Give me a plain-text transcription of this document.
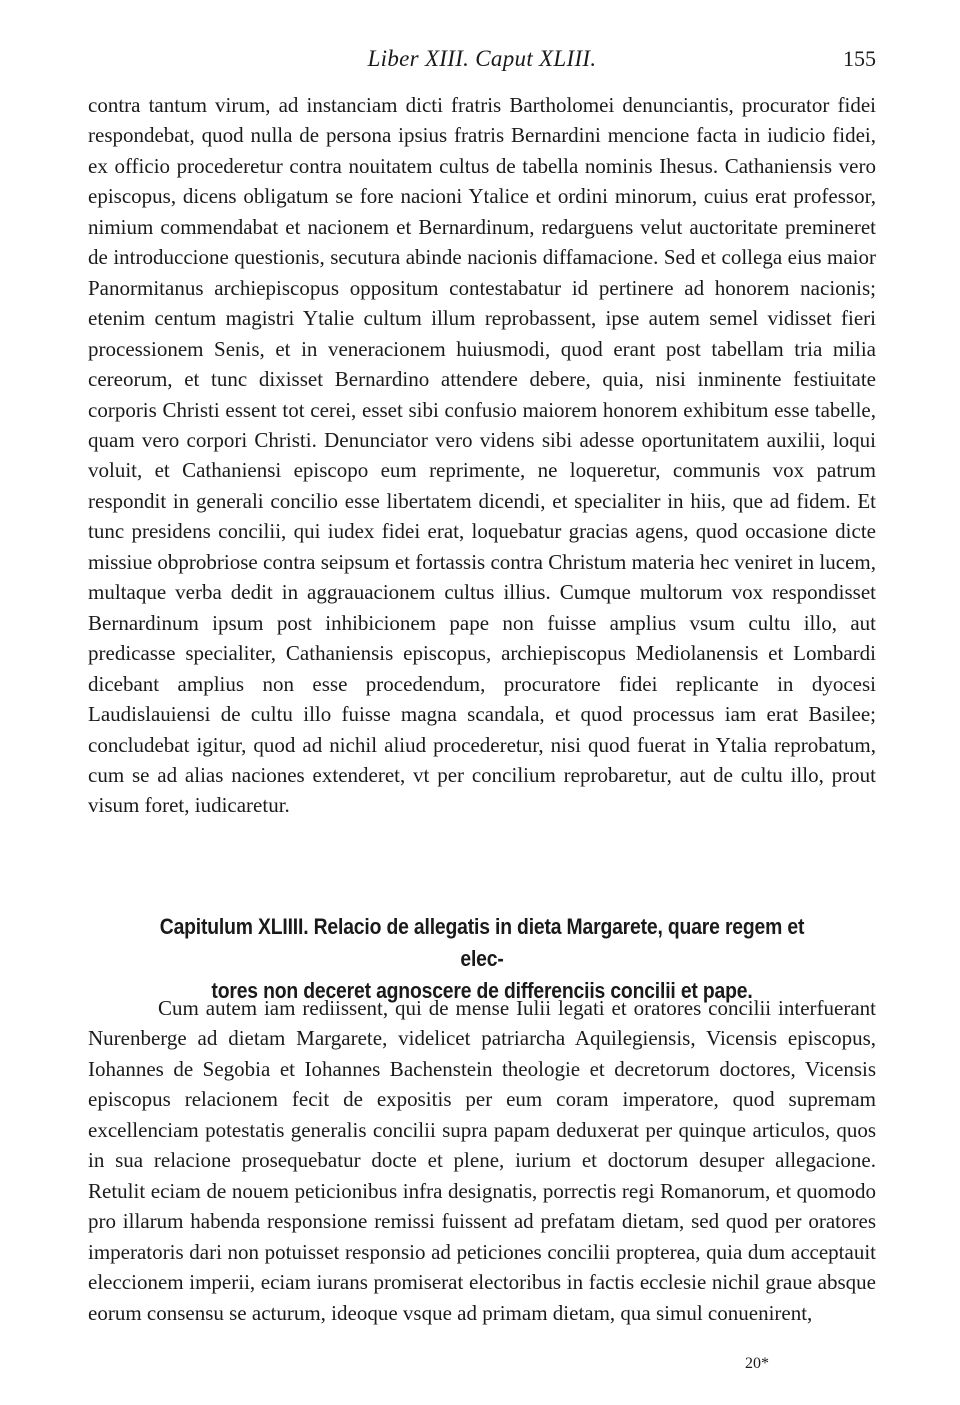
Liber XIII. Caput XLIII.	155

contra tantum virum, ad instanciam dicti fratris Bartholomei denunciantis, procurator fidei respondebat, quod nulla de persona ipsius fratris Bernardini mencione facta in iudicio fidei, ex officio procederetur contra nouitatem cultus de tabella nominis Ihesus. Cathaniensis vero episcopus, dicens obligatum se fore nacioni Ytalice et ordini minorum, cuius erat professor, nimium commendabat et nacionem et Bernardinum, redarguens velut auctoritate premineret de introduccione questionis, secutura abinde nacionis diffamacione. Sed et collega eius maior Panormitanus archiepiscopus oppositum contestabatur id pertinere ad honorem nacionis; etenim centum magistri Ytalie cultum illum reprobassent, ipse autem semel vidisset fieri processionem Senis, et in veneracionem huiusmodi, quod erant post tabellam tria milia cereorum, et tunc dixisset Bernardino attendere debere, quia, nisi inminente festiuitate corporis Christi essent tot cerei, esset sibi confusio maiorem honorem exhibitum esse tabelle, quam vero corpori Christi. Denunciator vero videns sibi adesse oportunitatem auxilii, loqui voluit, et Cathaniensi episcopo eum reprimente, ne loqueretur, communis vox patrum respondit in generali concilio esse libertatem dicendi, et specialiter in hiis, que ad fidem. Et tunc presidens concilii, qui iudex fidei erat, loquebatur gracias agens, quod occasione dicte missiue obprobriose contra seipsum et fortassis contra Christum materia hec veniret in lucem, multaque verba dedit in aggrauacionem cultus illius. Cumque multorum vox respondisset Bernardinum ipsum post inhibicionem pape non fuisse amplius vsum cultu illo, aut predicasse specialiter, Cathaniensis episcopus, archiepiscopus Mediolanensis et Lombardi dicebant amplius non esse procedendum, procuratore fidei replicante in dyocesi Laudislauiensi de cultu illo fuisse magna scandala, et quod processus iam erat Basilee; concludebat igitur, quod ad nichil aliud procederetur, nisi quod fuerat in Ytalia reprobatum, cum se ad alias naciones extenderet, vt per concilium reprobaretur, aut de cultu illo, prout visum foret, iudicaretur.

Capitulum XLIIII. Relacio de allegatis in dieta Margarete, quare regem et elec-
tores non deceret agnoscere de differenciis concilii et pape.

Cum autem iam rediissent, qui de mense Iulii legati et oratores concilii interfuerant Nurenberge ad dietam Margarete, videlicet patriarcha Aquilegiensis, Vicensis episcopus, Iohannes de Segobia et Iohannes Bachenstein theologie et decretorum doctores, Vicensis episcopus relacionem fecit de expositis per eum coram imperatore, quod supremam excellenciam potestatis generalis concilii supra papam deduxerat per quinque articulos, quos in sua relacione prosequebatur docte et plene, iurium et doctorum desuper allegacione. Retulit eciam de nouem peticionibus infra designatis, porrectis regi Romanorum, et quomodo pro illarum habenda responsione remissi fuissent ad prefatam dietam, sed quod per oratores imperatoris dari non potuisset responsio ad peticiones concilii propterea, quia dum acceptauit eleccionem imperii, eciam iurans promiserat electoribus in factis ecclesie nichil graue absque eorum consensu se acturum, ideoque vsque ad primam dietam, qua simul conuenirent,

20*
